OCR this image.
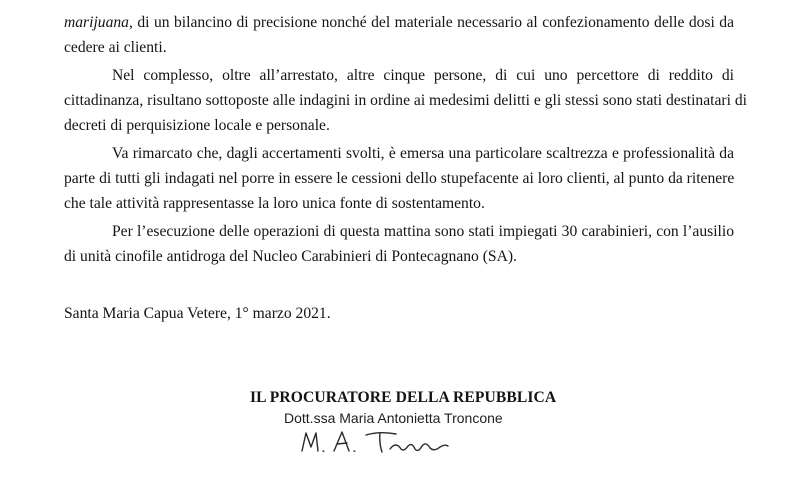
marijuana, di un bilancino di precisione nonché del materiale necessario al confezionamento delle dosi da
cedere ai clienti.

Nel complesso, oltre all’arrestato, altre cinque persone, di cui uno percettore di reddito di
cittadinanza, risultano sottoposte alle indagini in ordine ai medesimi delitti e gli stessi sono stati destinatari di
decreti di perquisizione locale e personale.

Va rimarcato che, dagli accertamenti svolti, è emersa una particolare scaltrezza e professionalità da
parte di tutti gli indagati nel porre in essere le cessioni dello stupefacente ai loro clienti, al punto da ritenere
che tale attività rappresentasse la loro unica fonte di sostentamento.

Per l’esecuzione delle operazioni di questa mattina sono stati impiegati 30 carabinieri, con l’ausilio
di unità cinofile antidroga del Nucleo Carabinieri di Pontecagnano (SA).

Santa Maria Capua Vetere, 1° marzo 2021.

IL PROCURATORE DELLA REPUBBLICA

Dott.ssa Maria Antonietta Troncone
